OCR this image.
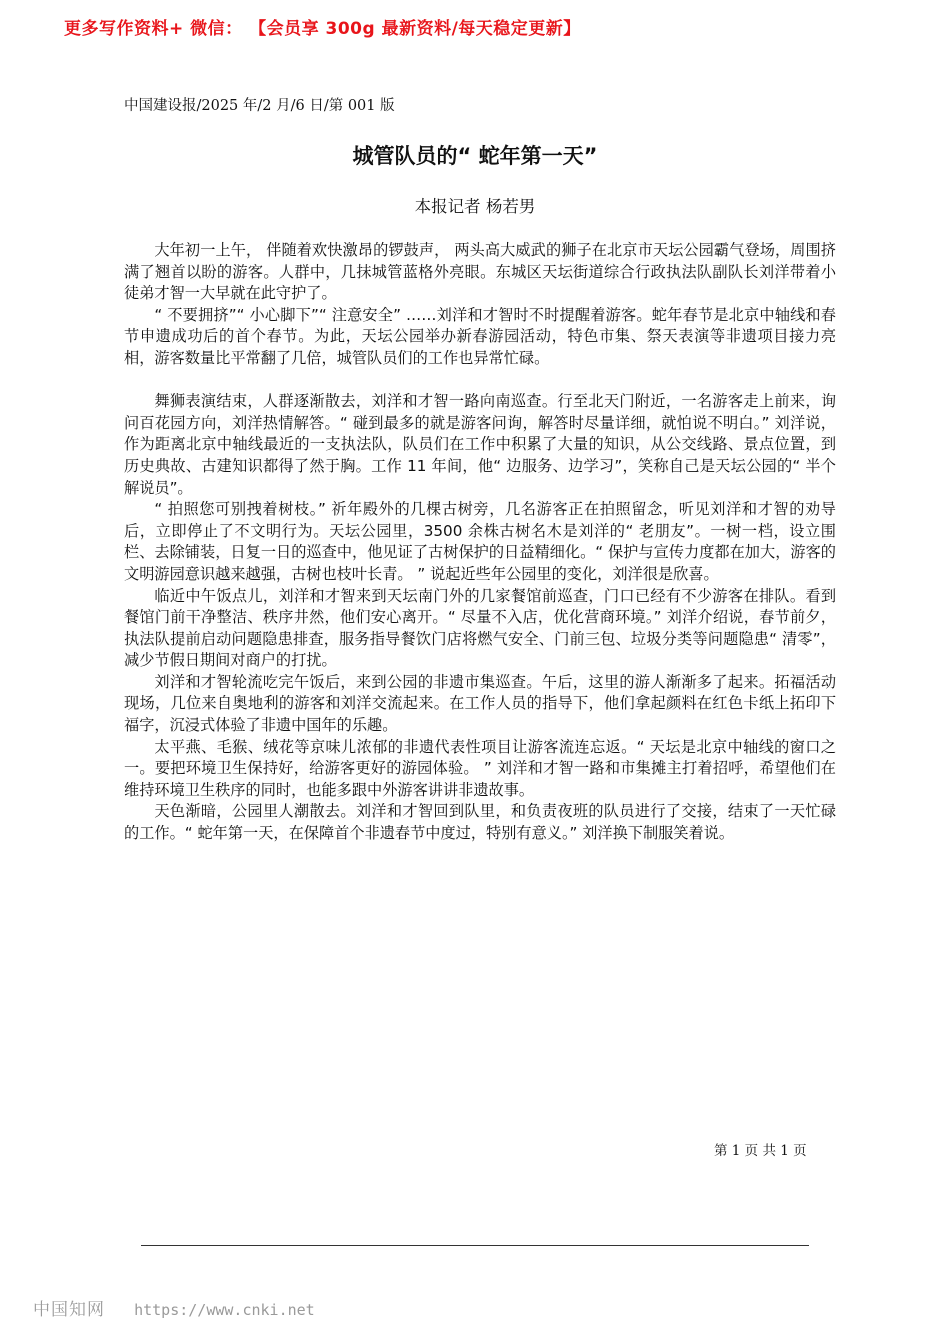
更多写作资料+ 微信： 【会员享 300g 最新资料/每天稳定更新】
中国建设报/2025 年/2 月/6 日/第 001 版
城管队员的“ 蛇年第一天”
本报记者 杨若男

大年初一上午， 伴随着欢快激昂的锣鼓声， 两头高大威武的狮子在北京市天坛公园霸气登场，周围挤满了翘首以盼的游客。人群中，几抹城管蓝格外亮眼。东城区天坛街道综合行政执法队副队长刘洋带着小徒弟才智一大早就在此守护了。

“ 不要拥挤”“ 小心脚下”“ 注意安全” ……刘洋和才智时不时提醒着游客。蛇年春节是北京中轴线和春节申遗成功后的首个春节。为此，天坛公园举办新春游园活动，特色市集、祭天表演等非遗项目接力亮相，游客数量比平常翻了几倍，城管队员们的工作也异常忙碌。

舞狮表演结束，人群逐渐散去，刘洋和才智一路向南巡查。行至北天门附近，一名游客走上前来，询问百花园方向，刘洋热情解答。“ 碰到最多的就是游客问询，解答时尽量详细，就怕说不明白。” 刘洋说，作为距离北京中轴线最近的一支执法队，队员们在工作中积累了大量的知识，从公交线路、景点位置，到历史典故、古建知识都得了然于胸。工作 11 年间，他“ 边服务、边学习”，笑称自己是天坛公园的“ 半个解说员”。

“ 拍照您可别拽着树枝。” 祈年殿外的几棵古树旁，几名游客正在拍照留念，听见刘洋和才智的劝导后，立即停止了不文明行为。天坛公园里，3500 余株古树名木是刘洋的“ 老朋友”。一树一档，设立围栏、去除铺装，日复一日的巡查中，他见证了古树保护的日益精细化。“ 保护与宣传力度都在加大，游客的文明游园意识越来越强，古树也枝叶长青。 ” 说起近些年公园里的变化，刘洋很是欣喜。

临近中午饭点儿，刘洋和才智来到天坛南门外的几家餐馆前巡查，门口已经有不少游客在排队。看到餐馆门前干净整洁、秩序井然，他们安心离开。“ 尽量不入店，优化营商环境。” 刘洋介绍说，春节前夕，执法队提前启动问题隐患排查，服务指导餐饮门店将燃气安全、门前三包、垃圾分类等问题隐患“ 清零”，减少节假日期间对商户的打扰。

刘洋和才智轮流吃完午饭后，来到公园的非遗市集巡查。午后，这里的游人渐渐多了起来。拓福活动现场，几位来自奥地利的游客和刘洋交流起来。在工作人员的指导下，他们拿起颜料在红色卡纸上拓印下福字，沉浸式体验了非遗中国年的乐趣。

太平燕、毛猴、绒花等京味儿浓郁的非遗代表性项目让游客流连忘返。“ 天坛是北京中轴线的窗口之一。要把环境卫生保持好，给游客更好的游园体验。 ” 刘洋和才智一路和市集摊主打着招呼，希望他们在维持环境卫生秩序的同时，也能多跟中外游客讲讲非遗故事。

天色渐暗，公园里人潮散去。刘洋和才智回到队里，和负责夜班的队员进行了交接，结束了一天忙碌的工作。“ 蛇年第一天，在保障首个非遗春节中度过，特别有意义。” 刘洋换下制服笑着说。

第 1 页 共 1 页
中国知网 https://www.cnki.net
